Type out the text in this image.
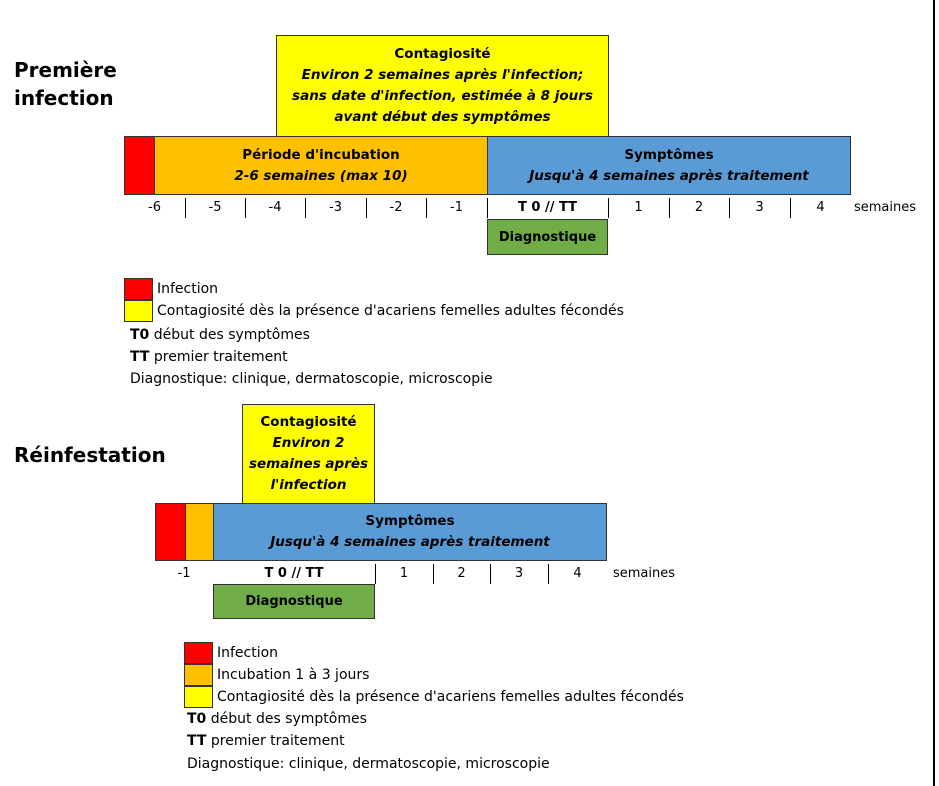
Première infection
Contagiosité
Environ 2 semaines après l'infection; sans date d'infection, estimée à 8 jours avant début des symptômes
Période d'incubation
2-6 semaines (max 10)
Symptômes
Jusqu'à 4 semaines après traitement
-6	-5	-4	-3	-2	-1	T 0 // TT	1	2	3	4	semaines
Diagnostique
Infection
Contagiosité dès la présence d'acariens femelles adultes fécondés
T0 début des symptômes
TT premier traitement
Diagnostique: clinique, dermatoscopie, microscopie
Réinfestation
Contagiosité
Environ 2 semaines après l'infection
Symptômes
Jusqu'à 4 semaines après traitement
-1	T 0 // TT	1	2	3	4	semaines
Diagnostique
Infection
Incubation 1 à 3 jours
Contagiosité dès la présence d'acariens femelles adultes fécondés
T0 début des symptômes
TT premier traitement
Diagnostique: clinique, dermatoscopie, microscopie
